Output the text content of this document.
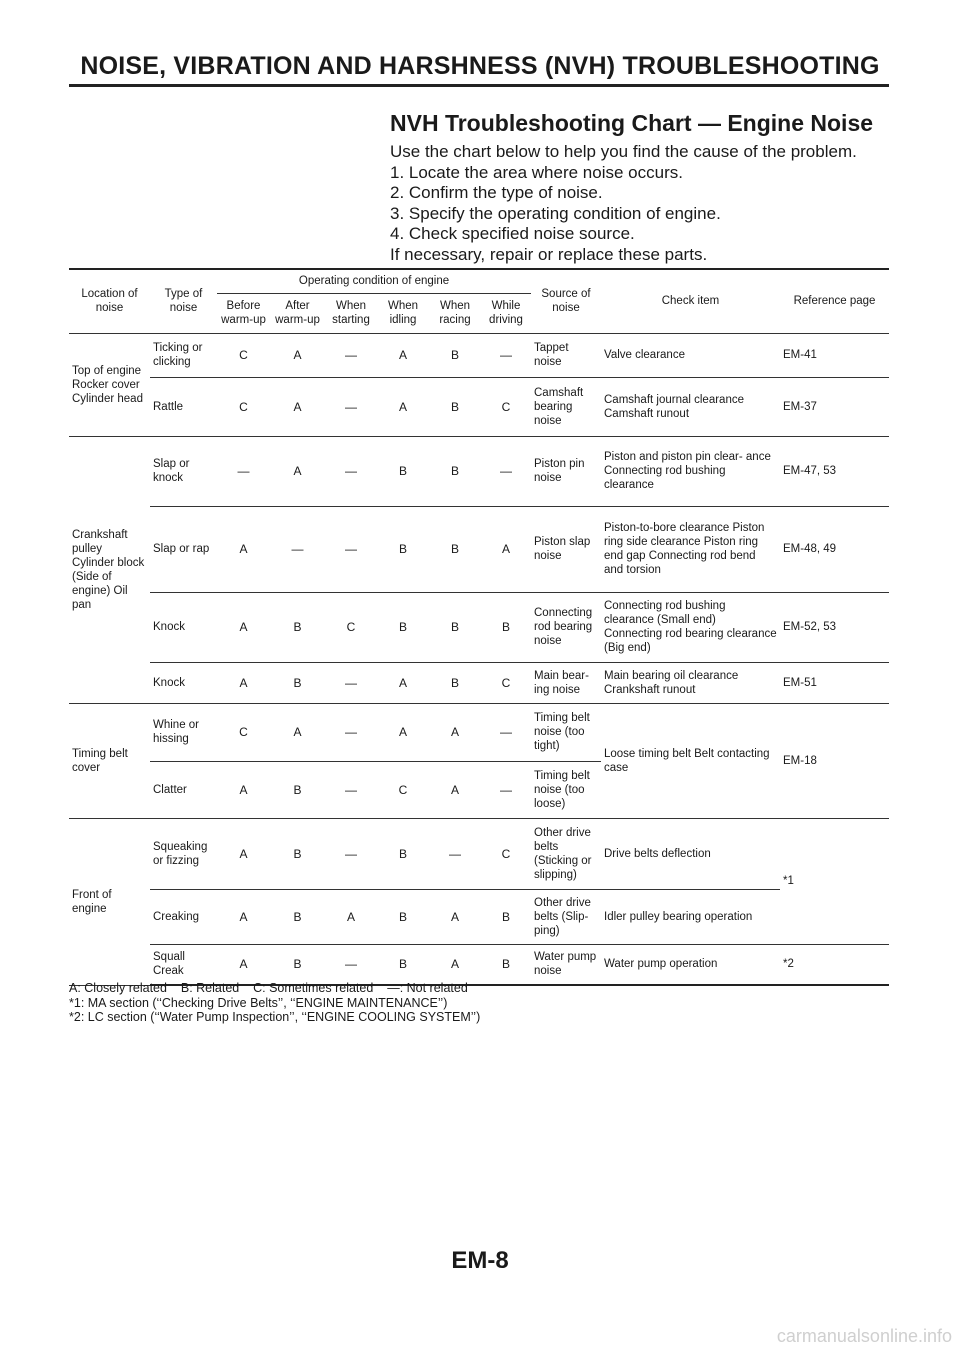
NOISE, VIBRATION AND HARSHNESS (NVH) TROUBLESHOOTING
NVH Troubleshooting Chart — Engine Noise
Use the chart below to help you find the cause of the problem.
1. Locate the area where noise occurs.
2. Confirm the type of noise.
3. Specify the operating condition of engine.
4. Check specified noise source.
If necessary, repair or replace these parts.
Location of noise	Type of noise	Operating condition of engine						Source of noise	Check item	Reference page
		Before warm-up	After warm-up	When starting	When idling	When racing	While driving			
Top of engine Rocker cover Cylinder head	Ticking or clicking	C	A	—	A	B	—	Tappet noise	Valve clearance	EM-41
	Rattle	C	A	—	A	B	C	Camshaft bearing noise	Camshaft journal clearance Camshaft runout	EM-37
Crankshaft pulley Cylinder block (Side of engine) Oil pan	Slap or knock	—	A	—	B	B	—	Piston pin noise	Piston and piston pin clear- ance Connecting rod bushing clearance	EM-47, 53
	Slap or rap	A	—	—	B	B	A	Piston slap noise	Piston-to-bore clearance Piston ring side clearance Piston ring end gap Connecting rod bend and torsion	EM-48, 49
	Knock	A	B	C	B	B	B	Connecting rod bearing noise	Connecting rod bushing clearance (Small end) Connecting rod bearing clearance (Big end)	EM-52, 53
	Knock	A	B	—	A	B	C	Main bear- ing noise	Main bearing oil clearance Crankshaft runout	EM-51
Timing belt cover	Whine or hissing	C	A	—	A	A	—	Timing belt noise (too tight)	Loose timing belt Belt contacting case	EM-18
	Clatter	A	B	—	C	A	—	Timing belt noise (too loose)		
Front of engine	Squeaking or fizzing	A	B	—	B	—	C	Other drive belts (Sticking or slipping)	Drive belts deflection	*1
	Creaking	A	B	A	B	A	B	Other drive belts (Slip- ping)	Idler pulley bearing operation	
	Squall Creak	A	B	—	B	A	B	Water pump noise	Water pump operation	*2
A: Closely related    B: Related    C: Sometimes related    —: Not related
*1: MA section (‘‘Checking Drive Belts’’, ‘‘ENGINE MAINTENANCE’’)
*2: LC section (‘‘Water Pump Inspection’’, ‘‘ENGINE COOLING SYSTEM’’)
EM-8
carmanualsonline.info
